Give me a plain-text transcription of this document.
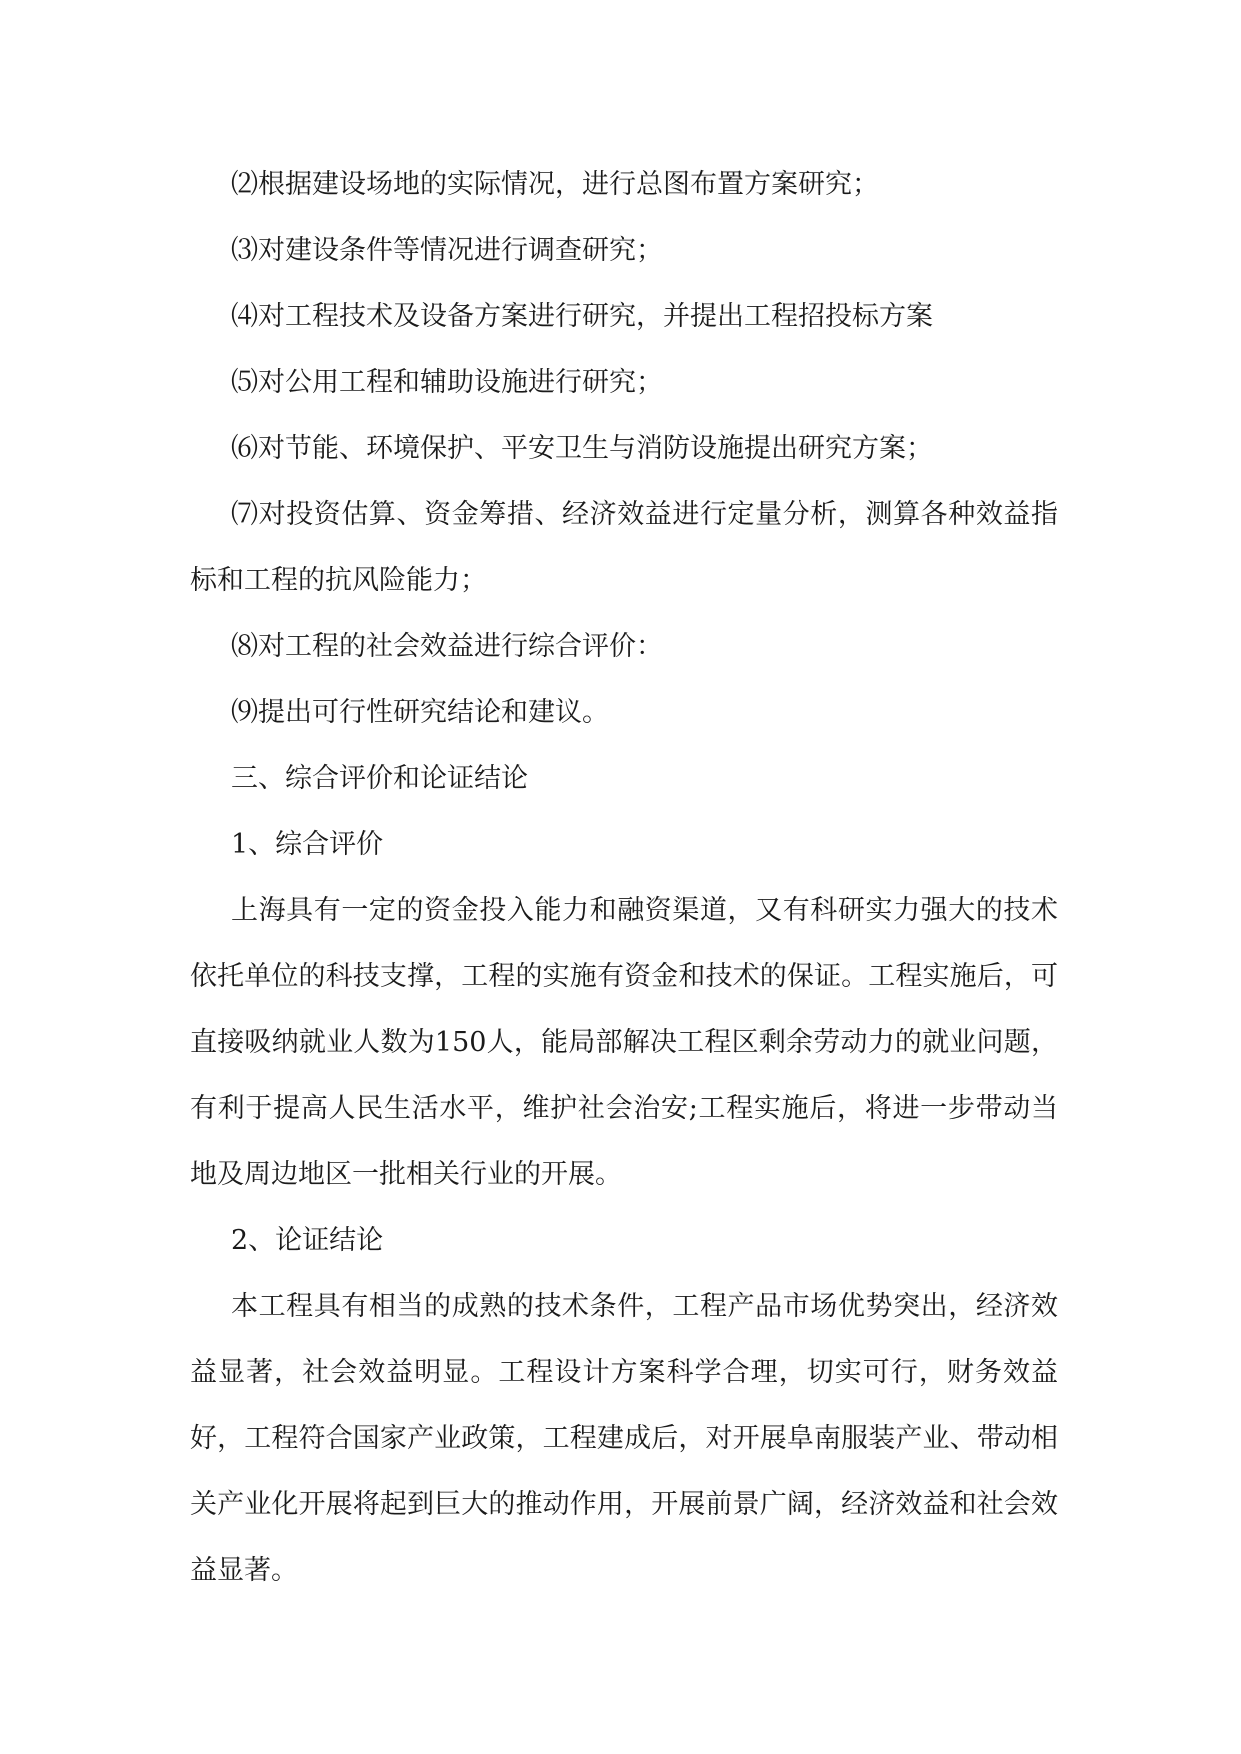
⑵根据建设场地的实际情况，进行总图布置方案研究；

⑶对建设条件等情况进行调查研究；

⑷对工程技术及设备方案进行研究，并提出工程招投标方案

⑸对公用工程和辅助设施进行研究；

⑹对节能、环境保护、平安卫生与消防设施提出研究方案；

⑺对投资估算、资金筹措、经济效益进行定量分析，测算各种效益指标和工程的抗风险能力；

⑻对工程的社会效益进行综合评价：

⑼提出可行性研究结论和建议。

三、综合评价和论证结论

1、综合评价

上海具有一定的资金投入能力和融资渠道，又有科研实力强大的技术依托单位的科技支撑，工程的实施有资金和技术的保证。工程实施后，可直接吸纳就业人数为150人，能局部解决工程区剩余劳动力的就业问题，有利于提高人民生活水平，维护社会治安;工程实施后，将进一步带动当地及周边地区一批相关行业的开展。

2、论证结论

本工程具有相当的成熟的技术条件，工程产品市场优势突出，经济效益显著，社会效益明显。工程设计方案科学合理，切实可行，财务效益好，工程符合国家产业政策，工程建成后，对开展阜南服装产业、带动相关产业化开展将起到巨大的推动作用，开展前景广阔，经济效益和社会效益显著。
